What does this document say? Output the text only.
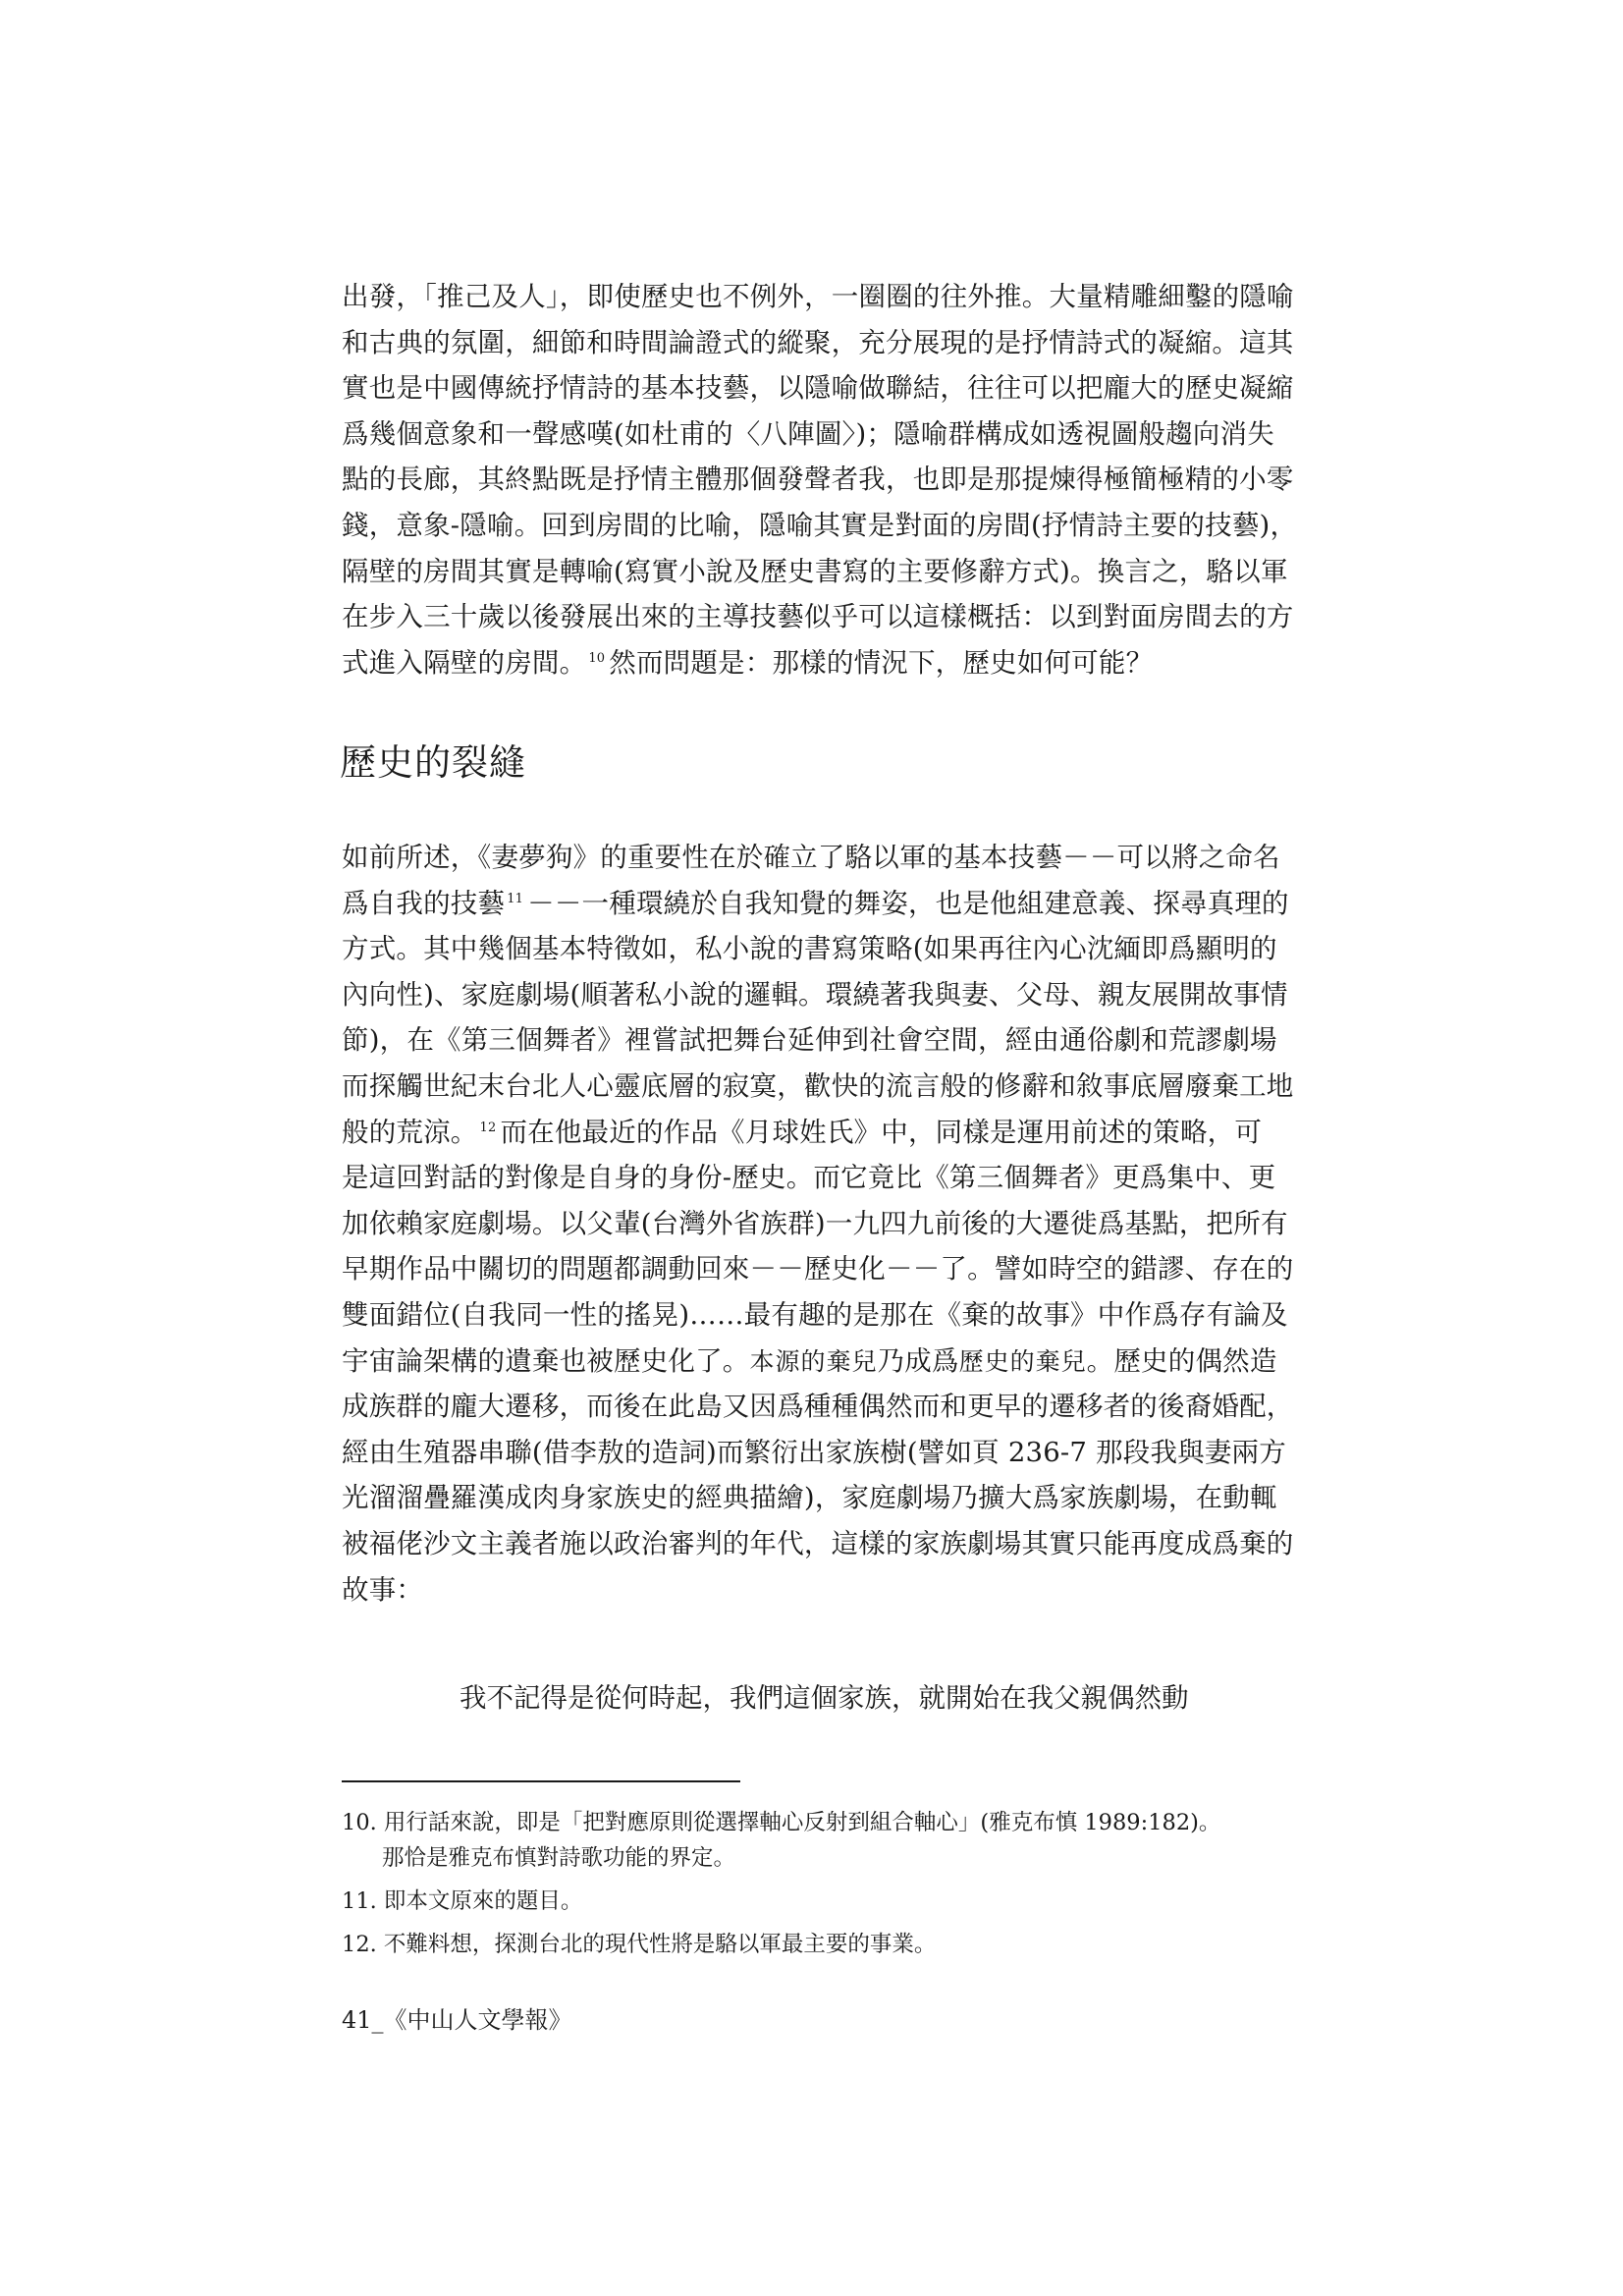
出發，「推己及人」，即使歷史也不例外，一圈圈的往外推。大量精雕細鑿的隱喻
和古典的氛圍，細節和時間論證式的縱聚，充分展現的是抒情詩式的凝縮。這其
實也是中國傳統抒情詩的基本技藝，以隱喻做聯結，往往可以把龐大的歷史凝縮
爲幾個意象和一聲感嘆(如杜甫的〈八陣圖〉)；隱喻群構成如透視圖般趨向消失
點的長廊，其終點既是抒情主體那個發聲者我，也即是那提煉得極簡極精的小零
錢，意象-隱喻。回到房間的比喻，隱喻其實是對面的房間(抒情詩主要的技藝)，
隔壁的房間其實是轉喻(寫實小說及歷史書寫的主要修辭方式)。換言之，駱以軍
在步入三十歲以後發展出來的主導技藝似乎可以這樣概括：以到對面房間去的方
式進入隔壁的房間。 $^{10}$ 然而問題是：那樣的情況下，歷史如何可能？
歷史的裂縫
如前所述，《妻夢狗》的重要性在於確立了駱以軍的基本技藝－－可以將之命名
爲自我的技藝 $^{11}$ －－一種環繞於自我知覺的舞姿，也是他組建意義、探尋真理的
方式。其中幾個基本特徵如，私小說的書寫策略(如果再往內心沈緬即爲顯明的
內向性)、家庭劇場(順著私小說的邏輯。環繞著我與妻、父母、親友展開故事情
節)，在《第三個舞者》裡嘗試把舞台延伸到社會空間，經由通俗劇和荒謬劇場
而探觸世紀末台北人心靈底層的寂寞，歡快的流言般的修辭和敘事底層廢棄工地
般的荒涼。 $^{12}$ 而在他最近的作品《月球姓氏》中，同樣是運用前述的策略，可
是這回對話的對像是自身的身份-歷史。而它竟比《第三個舞者》更爲集中、更
加依賴家庭劇場。以父輩(台灣外省族群)一九四九前後的大遷徙爲基點，把所有
早期作品中關切的問題都調動回來－－歷史化－－了。譬如時空的錯謬、存在的
雙面錯位(自我同一性的搖晃)……最有趣的是那在《棄的故事》中作爲存有論及
宇宙論架構的遺棄也被歷史化了。本源的棄兒乃成爲歷史的棄兒。歷史的偶然造
成族群的龐大遷移，而後在此島又因爲種種偶然而和更早的遷移者的後裔婚配，
經由生殖器串聯(借李敖的造詞)而繁衍出家族樹(譬如頁 236-7 那段我與妻兩方
光溜溜疊羅漢成肉身家族史的經典描繪)，家庭劇場乃擴大爲家族劇場，在動輒
被福佬沙文主義者施以政治審判的年代，這樣的家族劇場其實只能再度成爲棄的
故事：
我不記得是從何時起，我們這個家族，就開始在我父親偶然動
10. 用行話來說，即是「把對應原則從選擇軸心反射到組合軸心」(雅克布慎 1989:182)。
那恰是雅克布慎對詩歌功能的界定。
11. 即本文原來的題目。
12. 不難料想，探測台北的現代性將是駱以軍最主要的事業。
41_《中山人文學報》
